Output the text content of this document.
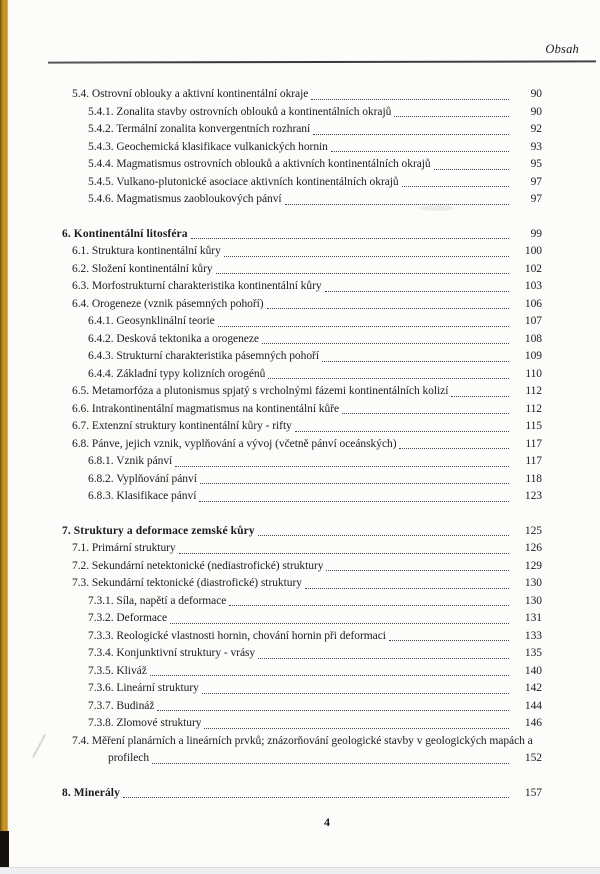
Obsah
5.4. Ostrovní oblouky a aktivní kontinentální okraje	90
5.4.1. Zonalita stavby ostrovních oblouků a kontinentálních okrajů	90
5.4.2. Termální zonalita konvergentních rozhraní	92
5.4.3. Geochemická klasifikace vulkanických hornin	93
5.4.4. Magmatismus ostrovních oblouků a aktivních kontinentálních okrajů	95
5.4.5. Vulkano-plutonické asociace aktivních kontinentálních okrajů	97
5.4.6. Magmatismus zaobloukových pánví	97
6. Kontinentální litosféra	99
6.1. Struktura kontinentální kůry	100
6.2. Složení kontinentální kůry	102
6.3. Morfostrukturní charakteristika kontinentální kůry	103
6.4. Orogeneze (vznik pásemných pohoří)	106
6.4.1. Geosynklinální teorie	107
6.4.2. Desková tektonika a orogeneze	108
6.4.3. Strukturní charakteristika pásemných pohoří	109
6.4.4. Základní typy kolizních orogénů	110
6.5. Metamorfóza a plutonismus spjatý s vrcholnými fázemi kontinentálních kolizí	112
6.6. Intrakontinentální magmatismus na kontinentální kůře	112
6.7. Extenzní struktury kontinentální kůry - rifty	115
6.8. Pánve, jejich vznik, vyplňování a vývoj (včetně pánví oceánských)	117
6.8.1. Vznik pánví	117
6.8.2. Vyplňování pánví	118
6.8.3. Klasifikace pánví	123
7. Struktury a deformace zemské kůry	125
7.1. Primární struktury	126
7.2. Sekundární netektonické (nediastrofické) struktury	129
7.3. Sekundární tektonické (diastrofické) struktury	130
7.3.1. Síla, napětí a deformace	130
7.3.2. Deformace	131
7.3.3. Reologické vlastnosti hornin, chování hornin při deformaci	133
7.3.4. Konjunktivní struktury - vrásy	135
7.3.5. Kliváž	140
7.3.6. Lineární struktury	142
7.3.7. Budináž	144
7.3.8. Zlomové struktury	146
7.4. Měření planárních a lineárních prvků; znázorňování geologické stavby v geologických mapách a
profilech	152
8. Minerály	157
4
